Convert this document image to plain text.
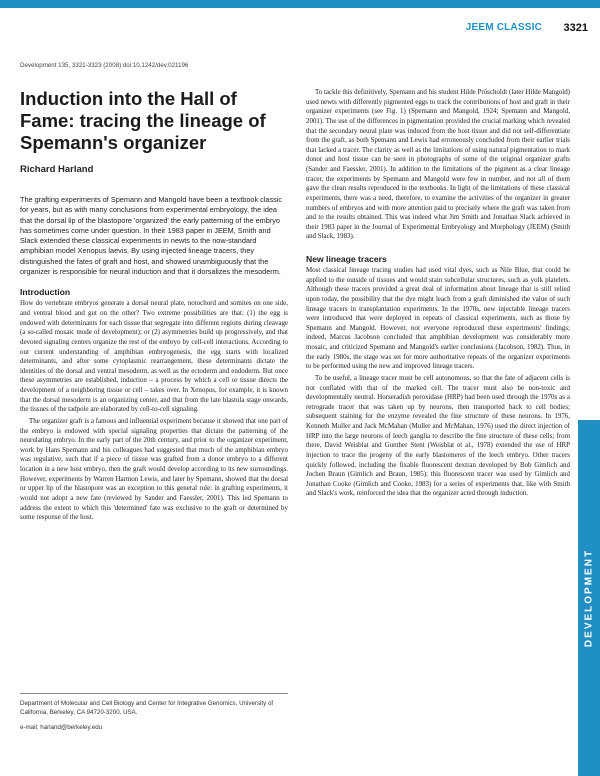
JEEM CLASSIC 3321
Development 135, 3321-3323 (2008) doi:10.1242/dev.021196
Induction into the Hall of Fame: tracing the lineage of Spemann's organizer
Richard Harland

The grafting experiments of Spemann and Mangold have been a textbook classic for years, but as with many conclusions from experimental embryology, the idea that the dorsal lip of the blastopore 'organized' the early patterning of the embryo has sometimes come under question. In their 1983 paper in JEEM, Smith and Slack extended these classical experiments in newts to the now-standard amphibian model Xenopus laevis. By using injected lineage tracers, they distinguished the fates of graft and host, and showed unambiguously that the organizer is responsible for neural induction and that it dorsalizes the mesoderm.

Introduction

How do vertebrate embryos generate a dorsal neural plate, notochord and somites on one side, and ventral blood and gut on the other? Two extreme possibilities are that: (1) the egg is endowed with determinants for each tissue that segregate into different regions during cleavage (a so-called mosaic mode of development); or (2) asymmetries build up progressively, and that devoted signaling centers organize the rest of the embryo by cell-cell interactions. According to our current understanding of amphibian embryogenesis, the egg starts with localized determinants, and after some cytoplasmic rearrangement, these determinants dictate the identities of the dorsal and ventral mesoderm, as well as the ectoderm and endoderm. But once these asymmetries are established, induction – a process by which a cell or tissue directs the development of a neighboring tissue or cell – takes over. In Xenopus, for example, it is known that the dorsal mesoderm is an organizing center, and that from the late blastula stage onwards, the tissues of the tadpole are elaborated by cell-to-cell signaling.

The organizer graft is a famous and influential experiment because it showed that one part of the embryo is endowed with special signaling properties that dictate the patterning of the neurulating embryo. In the early part of the 20th century, and prior to the organizer experiment, work by Hans Spemann and his colleagues had suggested that much of the amphibian embryo was regulative, such that if a piece of tissue was grafted from a donor embryo to a different location in a new host embryo, then the graft would develop according to its new surroundings. However, experiments by Warren Harmon Lewis, and later by Spemann, showed that the dorsal or upper lip of the blastopore was an exception to this general rule: in grafting experiments, it would not adopt a new fate (reviewed by Sander and Faessler, 2001). This led Spemann to address the extent to which this 'determined' fate was exclusive to the graft or determined by some response of the host.

To tackle this definitively, Spemann and his student Hilde Pröscholdt (later Hilde Mangold) used newts with differently pigmented eggs to track the contributions of host and graft in their organizer experiments (see Fig. 1) (Spemann and Mangold, 1924; Spemann and Mangold, 2001). The use of the differences in pigmentation provided the crucial marking which revealed that the secondary neural plate was induced from the host tissue and did not self-differentiate from the graft, as both Spemann and Lewis had erroneously concluded from their earlier trials that lacked a tracer. The clarity as well as the limitations of using natural pigmentation to mark donor and host tissue can be seen in photographs of some of the original organizer grafts (Sander and Faessler, 2001). In addition to the limitations of the pigment as a clear lineage tracer, the experiments by Spemann and Mangold were few in number, and not all of them gave the clean results reproduced in the textbooks. In light of the limitations of these classical experiments, there was a need, therefore, to examine the activities of the organizer in greater numbers of embryos and with more attention paid to precisely where the graft was taken from and to the results obtained. This was indeed what Jim Smith and Jonathan Slack achieved in their 1983 paper in the Journal of Experimental Embryology and Morphology (JEEM) (Smith and Slack, 1983).

New lineage tracers

Most classical lineage tracing studies had used vital dyes, such as Nile Blue, that could be applied to the outside of tissues and would stain subcellular structures, such as yolk platelets. Although these tracers provided a great deal of information about lineage that is still relied upon today, the possibility that the dye might leach from a graft diminished the value of such lineage tracers in transplantation experiments. In the 1970s, new injectable lineage tracers were introduced that were deployed in repeats of classical experiments, such as those by Spemann and Mangold. However, not everyone reproduced these experiments' findings; indeed, Marcus Jacobson concluded that amphibian development was considerably more mosaic, and criticized Spemann and Mangold's earlier conclusions (Jacobson, 1982). Thus, in the early 1980s, the stage was set for more authoritative repeats of the organizer experiments to be performed using the new and improved lineage tracers.

To be useful, a lineage tracer must be cell autonomous, so that the fate of adjacent cells is not conflated with that of the marked cell. The tracer must also be non-toxic and developmentally neutral. Horseradish peroxidase (HRP) had been used through the 1970s as a retrograde tracer that was taken up by neurons, then transported back to cell bodies; subsequent staining for the enzyme revealed the fine structure of these neurons. In 1976, Kenneth Muller and Jack McMahan (Muller and McMahan, 1976) used the direct injection of HRP into the large neurons of leech ganglia to describe the fine structure of these cells; from there, David Weisblat and Gunther Stent (Weisblat et al., 1978) extended the use of HRP injection to trace the progeny of the early blastomeres of the leech embryo. Other tracers quickly followed, including the fixable fluorescent dextran developed by Bob Gimlich and Jochen Braun (Gimlich and Braun, 1985); this fluorescent tracer was used by Gimlich and Jonathan Cooke (Gimlich and Cooke, 1983) for a series of experiments that, like with Smith and Slack's work, reinforced the idea that the organizer acted through induction.

Department of Molecular and Cell Biology and Center for Integrative Genomics, University of California, Berkeley, CA 94720-3200, USA.
e-mail: harland@berkeley.edu
DEVELOPMENT
